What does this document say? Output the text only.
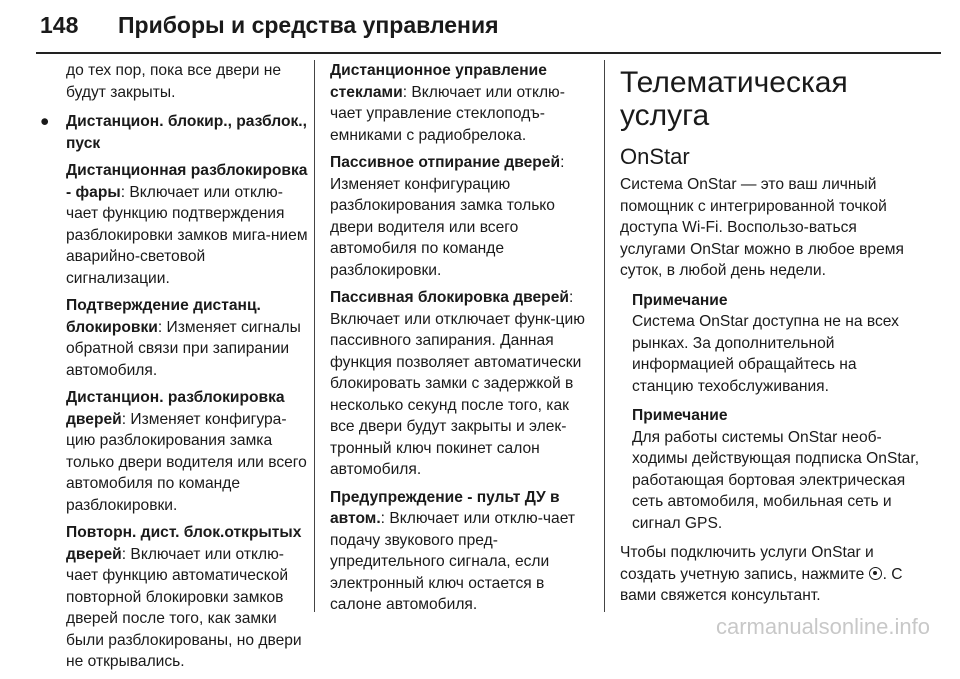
148 Приборы и средства управления

до тех пор, пока все двери не будут закрыты.

● Дистанцион. блокир., разблок., пуск

Дистанционная разблокировка - фары: Включает или отклю-чает функцию подтверждения разблокировки замков мига-нием аварийно-световой сигнализации.

Подтверждение дистанц. блокировки: Изменяет сигналы обратной связи при запирании автомобиля.

Дистанцион. разблокировка дверей: Изменяет конфигура-цию разблокирования замка только двери водителя или всего автомобиля по команде разблокировки.

Повторн. дист. блок.открытых дверей: Включает или отклю-чает функцию автоматической повторной блокировки замков дверей после того, как замки были разблокированы, но двери не открывались.

Дистанционное управление стеклами: Включает или отклю-чает управление стеклоподъ-емниками с радиобрелока.

Пассивное отпирание дверей: Изменяет конфигурацию разблокирования замка только двери водителя или всего автомобиля по команде разблокировки.

Пассивная блокировка дверей: Включает или отключает функ-цию пассивного запирания. Данная функция позволяет автоматически блокировать замки с задержкой в несколько секунд после того, как все двери будут закрыты и элек-тронный ключ покинет салон автомобиля.

Предупреждение - пульт ДУ в автом.: Включает или отклю-чает подачу звукового пред-упредительного сигнала, если электронный ключ остается в салоне автомобиля.

Телематическая услуга
OnStar

Система OnStar — это ваш личный помощник с интегрированной точкой доступа Wi-Fi. Воспользо-ваться услугами OnStar можно в любое время суток, в любой день недели.

Примечание

Система OnStar доступна не на всех рынках. За дополнительной информацией обращайтесь на станцию техобслуживания.

Примечание

Для работы системы OnStar необ-ходимы действующая подписка OnStar, работающая бортовая электрическая сеть автомобиля, мобильная сеть и сигнал GPS.

Чтобы подключить услуги OnStar и создать учетную запись, нажмите . С вами свяжется консультант.

carmanualsonline.info
